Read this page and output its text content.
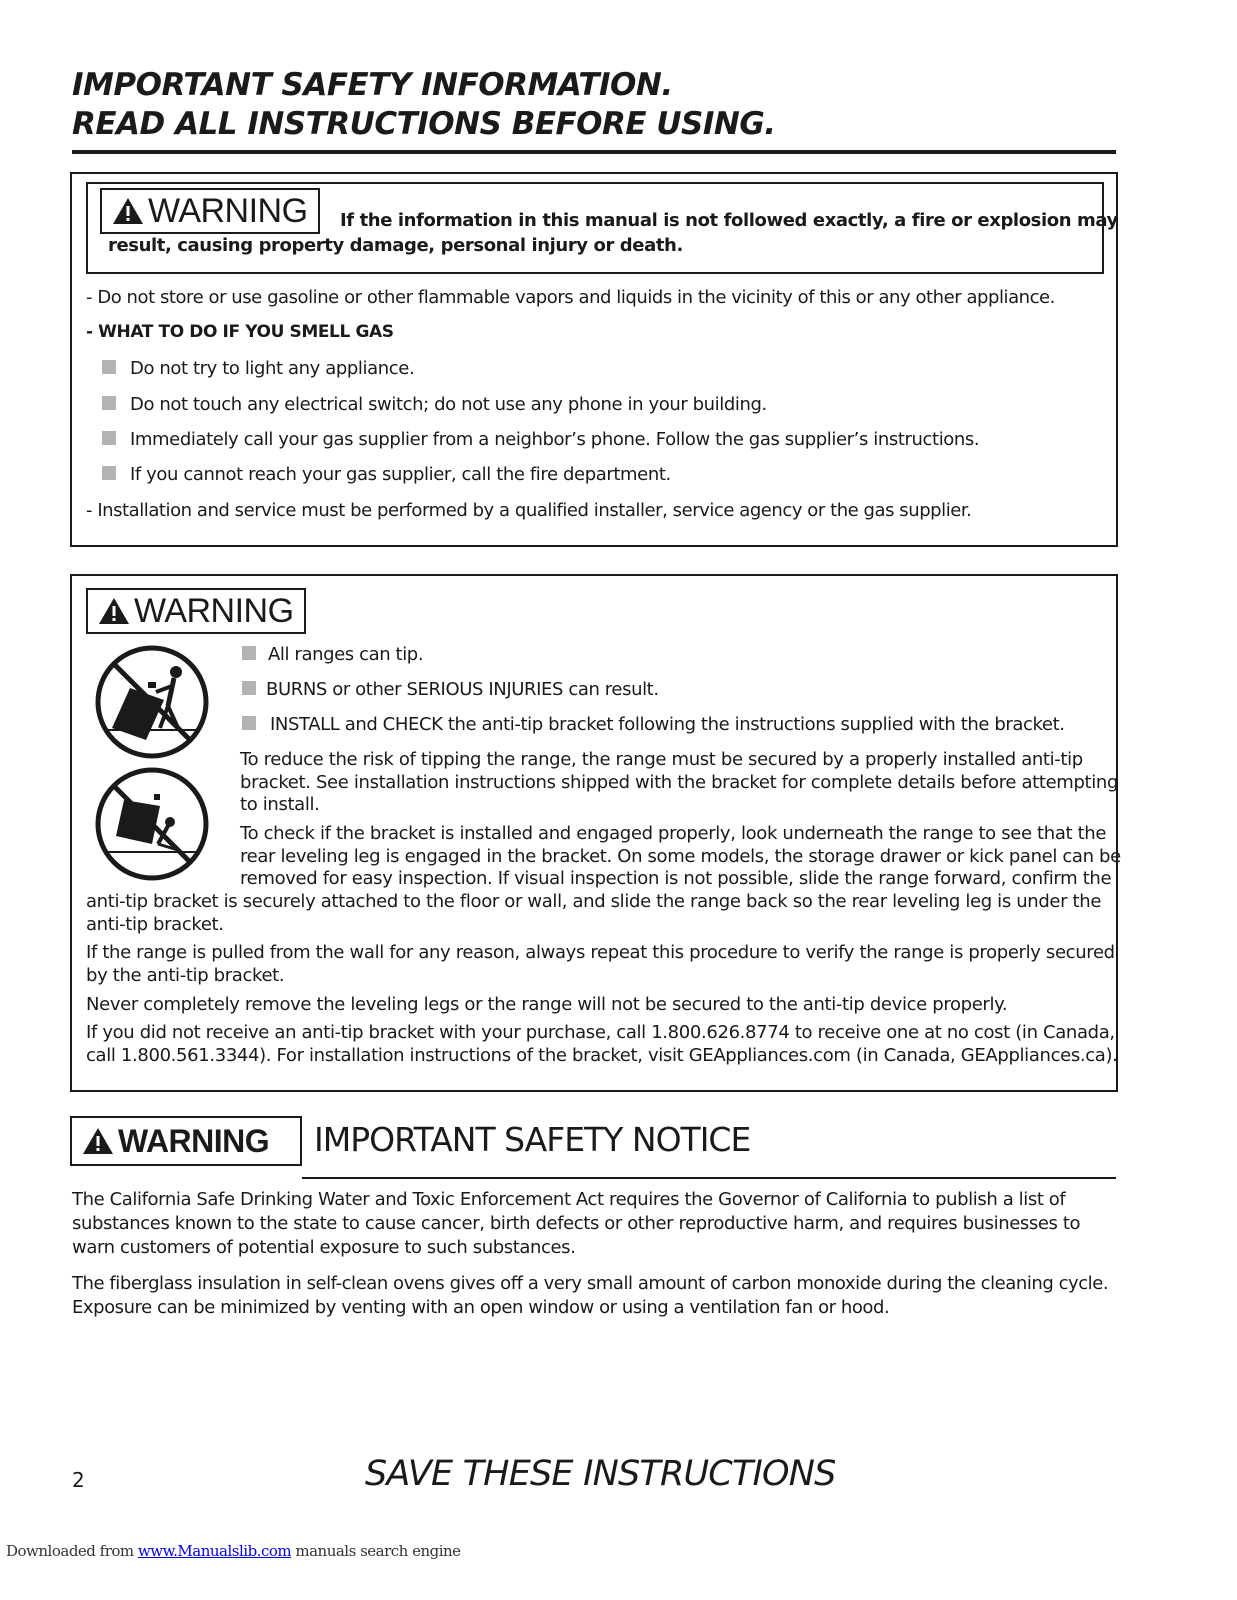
IMPORTANT SAFETY INFORMATION.
READ ALL INSTRUCTIONS BEFORE USING.
WARNING If the information in this manual is not followed exactly, a fire or explosion may
result, causing property damage, personal injury or death.
- Do not store or use gasoline or other flammable vapors and liquids in the vicinity of this or any other appliance.
- WHAT TO DO IF YOU SMELL GAS
Do not try to light any appliance.
Do not touch any electrical switch; do not use any phone in your building.
Immediately call your gas supplier from a neighbor’s phone. Follow the gas supplier’s instructions.
If you cannot reach your gas supplier, call the fire department.
- Installation and service must be performed by a qualified installer, service agency or the gas supplier.
WARNING
All ranges can tip.
BURNS or other SERIOUS INJURIES can result.
INSTALL and CHECK the anti-tip bracket following the instructions supplied with the bracket.
To reduce the risk of tipping the range, the range must be secured by a properly installed anti-tip
bracket. See installation instructions shipped with the bracket for complete details before attempting
to install.
To check if the bracket is installed and engaged properly, look underneath the range to see that the
rear leveling leg is engaged in the bracket. On some models, the storage drawer or kick panel can be
removed for easy inspection. If visual inspection is not possible, slide the range forward, confirm the
anti-tip bracket is securely attached to the floor or wall, and slide the range back so the rear leveling leg is under the
anti-tip bracket.
If the range is pulled from the wall for any reason, always repeat this procedure to verify the range is properly secured
by the anti-tip bracket.
Never completely remove the leveling legs or the range will not be secured to the anti-tip device properly.
If you did not receive an anti-tip bracket with your purchase, call 1.800.626.8774 to receive one at no cost (in Canada,
call 1.800.561.3344). For installation instructions of the bracket, visit GEAppliances.com (in Canada, GEAppliances.ca).
WARNING IMPORTANT SAFETY NOTICE
The California Safe Drinking Water and Toxic Enforcement Act requires the Governor of California to publish a list of
substances known to the state to cause cancer, birth defects or other reproductive harm, and requires businesses to
warn customers of potential exposure to such substances.
The fiberglass insulation in self-clean ovens gives off a very small amount of carbon monoxide during the cleaning cycle.
Exposure can be minimized by venting with an open window or using a ventilation fan or hood.
2	SAVE THESE INSTRUCTIONS
Downloaded from www.Manualslib.com manuals search engine
